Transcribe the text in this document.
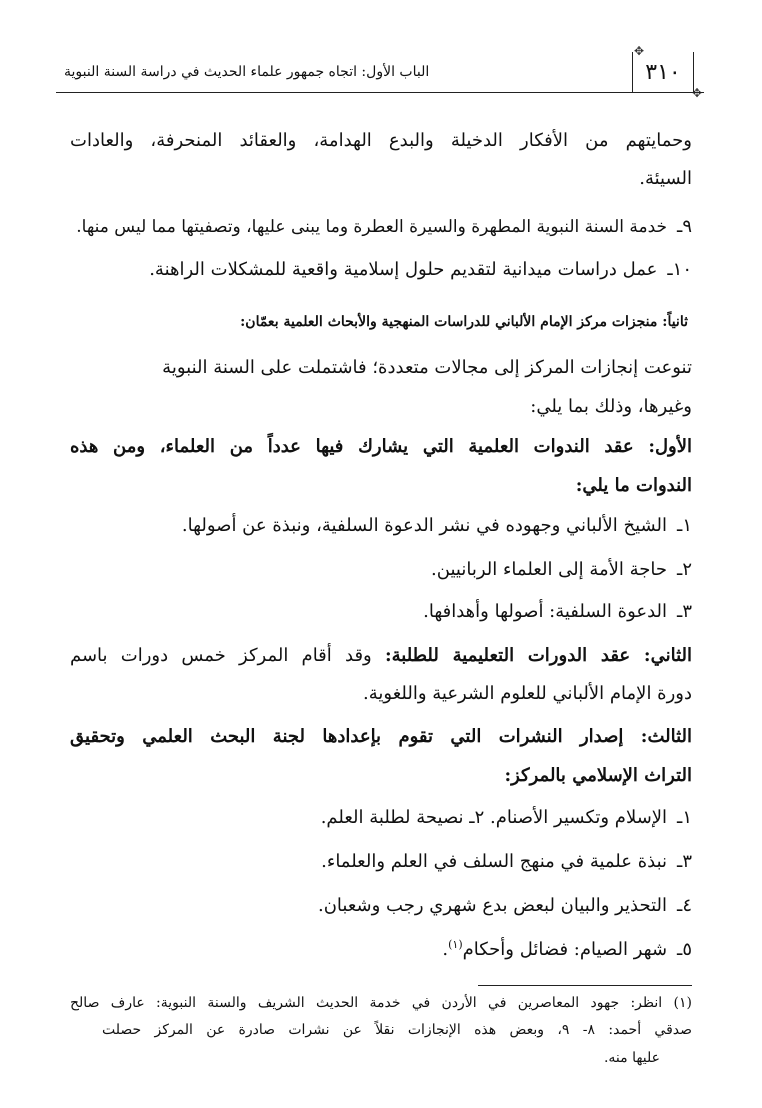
✥
٣١٠
✥
الباب الأول: اتجاه جمهور علماء الحديث في دراسة السنة النبوية
وحمايتهم من الأفكار الدخيلة والبدع الهدامة، والعقائد المنحرفة، والعادات
السيئة.
٩ـخدمة السنة النبوية المطهرة والسيرة العطرة وما يبنى عليها، وتصفيتها مما ليس منها.
١٠ـعمل دراسات ميدانية لتقديم حلول إسلامية واقعية للمشكلات الراهنة.
ثانياً: منجزات مركز الإمام الألباني للدراسات المنهجية والأبحاث العلمية بعمّان:
تنوعت إنجازات المركز إلى مجالات متعددة؛ فاشتملت على السنة النبوية
وغيرها، وذلك بما يلي:
الأول: عقد الندوات العلمية التي يشارك فيها عدداً من العلماء، ومن هذه
الندوات ما يلي:
١ـالشيخ الألباني وجهوده في نشر الدعوة السلفية، ونبذة عن أصولها.
٢ـحاجة الأمة إلى العلماء الربانيين.
٣ـالدعوة السلفية: أصولها وأهدافها.
الثاني: عقد الدورات التعليمية للطلبة: وقد أقام المركز خمس دورات باسم
دورة الإمام الألباني للعلوم الشرعية واللغوية.
الثالث: إصدار النشرات التي تقوم بإعدادها لجنة البحث العلمي وتحقيق
التراث الإسلامي بالمركز:
١ـالإسلام وتكسير الأصنام. ٢ـ نصيحة لطلبة العلم.
٣ـنبذة علمية في منهج السلف في العلم والعلماء.
٤ـالتحذير والبيان لبعض بدع شهري رجب وشعبان.
٥ـشهر الصيام: فضائل وأحكام$^{(١)}$.
(١) انظر: جهود المعاصرين في الأردن في خدمة الحديث الشريف والسنة النبوية: عارف صالح
صدقي أحمد: ٨- ٩، وبعض هذه الإنجازات نقلاً عن نشرات صادرة عن المركز حصلت
عليها منه.
